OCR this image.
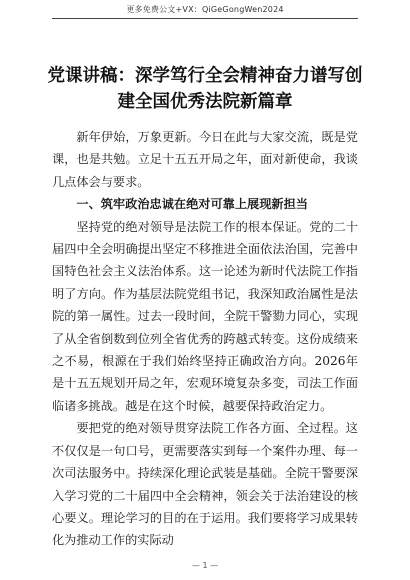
更多免费公文+VX：QiGeGongWen2024
党课讲稿：深学笃行全会精神奋力谱写创建全国优秀法院新篇章

新年伊始，万象更新。今日在此与大家交流，既是党课，也是共勉。立足十五五开局之年，面对新使命，我谈几点体会与要求。

一、筑牢政治忠诚在绝对可靠上展现新担当

坚持党的绝对领导是法院工作的根本保证。党的二十届四中全会明确提出坚定不移推进全面依法治国，完善中国特色社会主义法治体系。这一论述为新时代法院工作指明了方向。作为基层法院党组书记，我深知政治属性是法院的第一属性。过去一段时间，全院干警勠力同心，实现了从全省倒数到位列全省优秀的跨越式转变。这份成绩来之不易，根源在于我们始终坚持正确政治方向。2026年是十五五规划开局之年，宏观环境复杂多变，司法工作面临诸多挑战。越是在这个时候，越要保持政治定力。

要把党的绝对领导贯穿法院工作各方面、全过程。这不仅仅是一句口号，更需要落实到每一个案件办理、每一次司法服务中。持续深化理论武装是基础。全院干警要深入学习党的二十届四中全会精神，领会关于法治建设的核心要义。理论学习的目的在于运用。我们要将学习成果转化为推动工作的实际动

— 1 —
